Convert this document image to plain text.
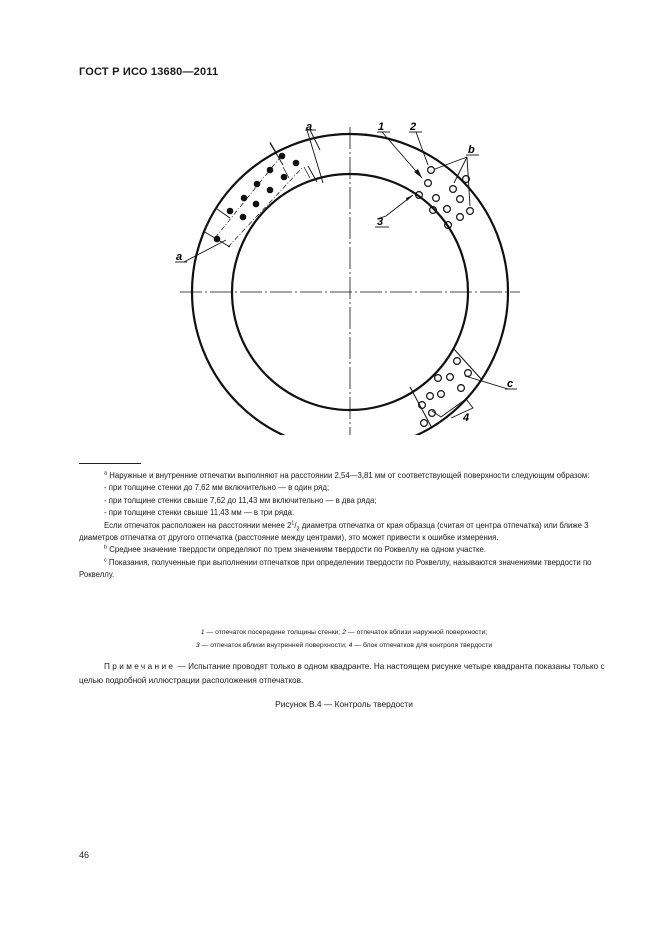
ГОСТ Р ИСО 13680—2011
1 2
3
4
a
a
b
c

$^a$ Наружные и внутренние отпечатки выполняют на расстоянии 2,54—3,81 мм от соответствующей поверхности следующим образом:

- при толщине стенки до 7,62 мм включительно — в один ряд;

- при толщине стенки свыше 7,62 до 11,43 мм включительно — в два ряда;

- при толщине стенки свыше 11,43 мм — в три ряда.

Если отпечаток расположен на расстоянии менее $2^1/_2$ диаметра отпечатка от края образца (считая от центра отпечатка) или ближе 3 диаметров отпечатка от другого отпечатка (расстояние между центрами), это может привести к ошибке измерения.

$^b$ Среднее значение твердости определяют по трем значениям твердости по Роквеллу на одном участке.

$^c$ Показания, полученные при выполнении отпечатков при определении твердости по Роквеллу, называются значениями твердости по Роквеллу.

1 — отпечаток посередине толщины стенки; 2 — отпечаток вблизи наружной поверхности;
3 — отпечаток вблизи внутренней поверхности; 4 — блок отпечатков для контроля твердости

Примечание — Испытание проводят только в одном квадранте. На настоящем рисунке четыре квадранта показаны только с целью подробной иллюстрации расположения отпечатков.

Рисунок В.4 — Контроль твердости
46
